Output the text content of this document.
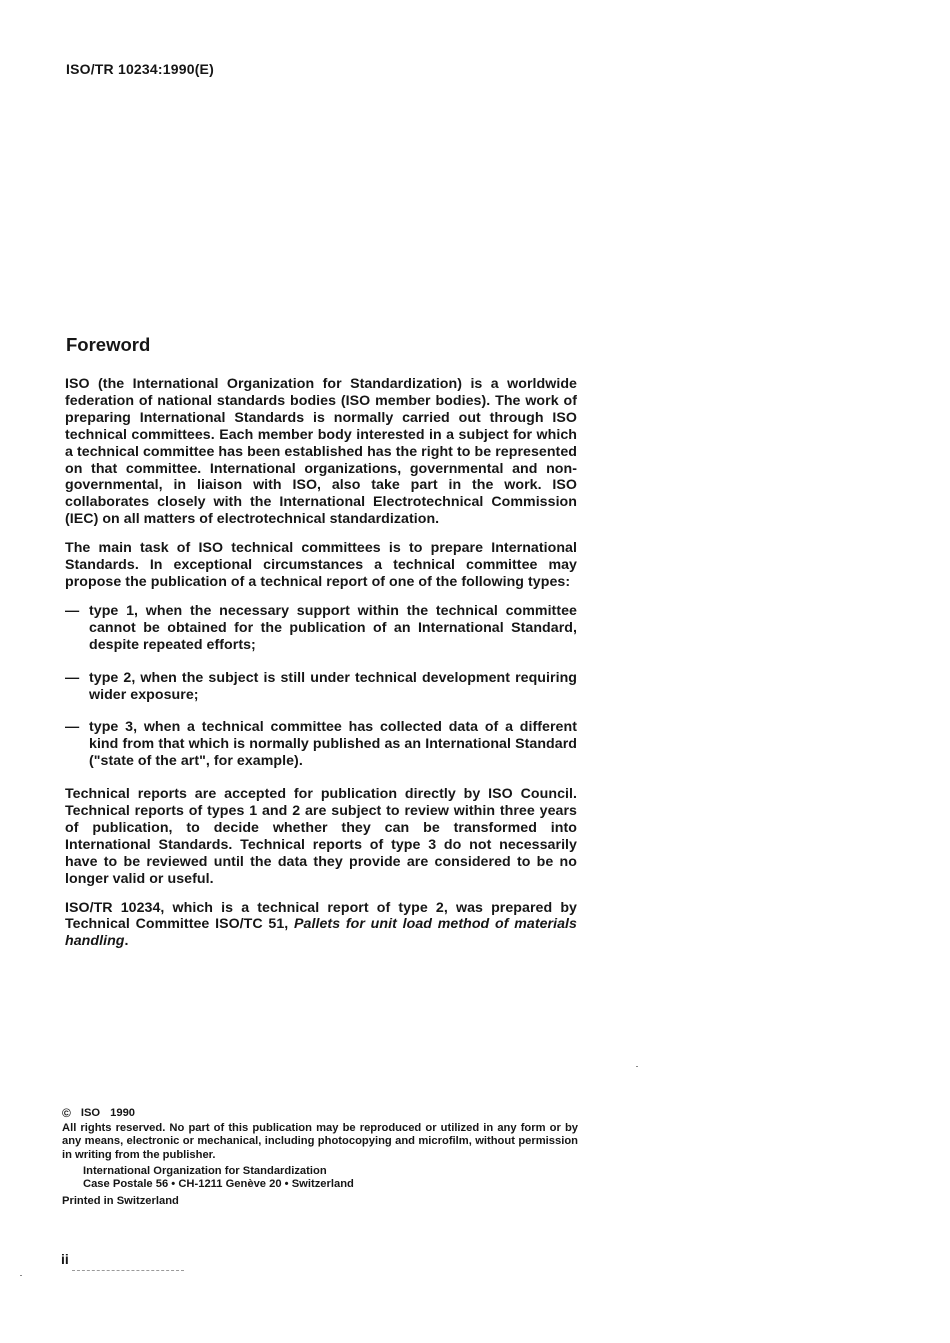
ISO/TR 10234:1990(E)
Foreword

ISO (the International Organization for Standardization) is a worldwide federation of national standards bodies (ISO member bodies). The work of preparing International Standards is normally carried out through ISO technical committees. Each member body interested in a subject for which a technical committee has been established has the right to be represented on that committee. International organizations, governmental and non-governmental, in liaison with ISO, also take part in the work. ISO collaborates closely with the International Electrotechnical Commission (IEC) on all matters of electrotechnical standardization.

The main task of ISO technical committees is to prepare International Standards. In exceptional circumstances a technical committee may propose the publication of a technical report of one of the following types:

— type 1, when the necessary support within the technical committee cannot be obtained for the publication of an International Standard, despite repeated efforts;
— type 2, when the subject is still under technical development requiring wider exposure;
— type 3, when a technical committee has collected data of a different kind from that which is normally published as an International Standard ("state of the art", for example).

Technical reports are accepted for publication directly by ISO Council. Technical reports of types 1 and 2 are subject to review within three years of publication, to decide whether they can be transformed into International Standards. Technical reports of type 3 do not necessarily have to be reviewed until the data they provide are considered to be no longer valid or useful.

ISO/TR 10234, which is a technical report of type 2, was prepared by Technical Committee ISO/TC 51, Pallets for unit load method of materials handling.

© ISO 1990

All rights reserved. No part of this publication may be reproduced or utilized in any form or by any means, electronic or mechanical, including photocopying and microfilm, without permission in writing from the publisher.

International Organization for Standardization
Case Postale 56 • CH-1211 Genève 20 • Switzerland
Printed in Switzerland
ii
